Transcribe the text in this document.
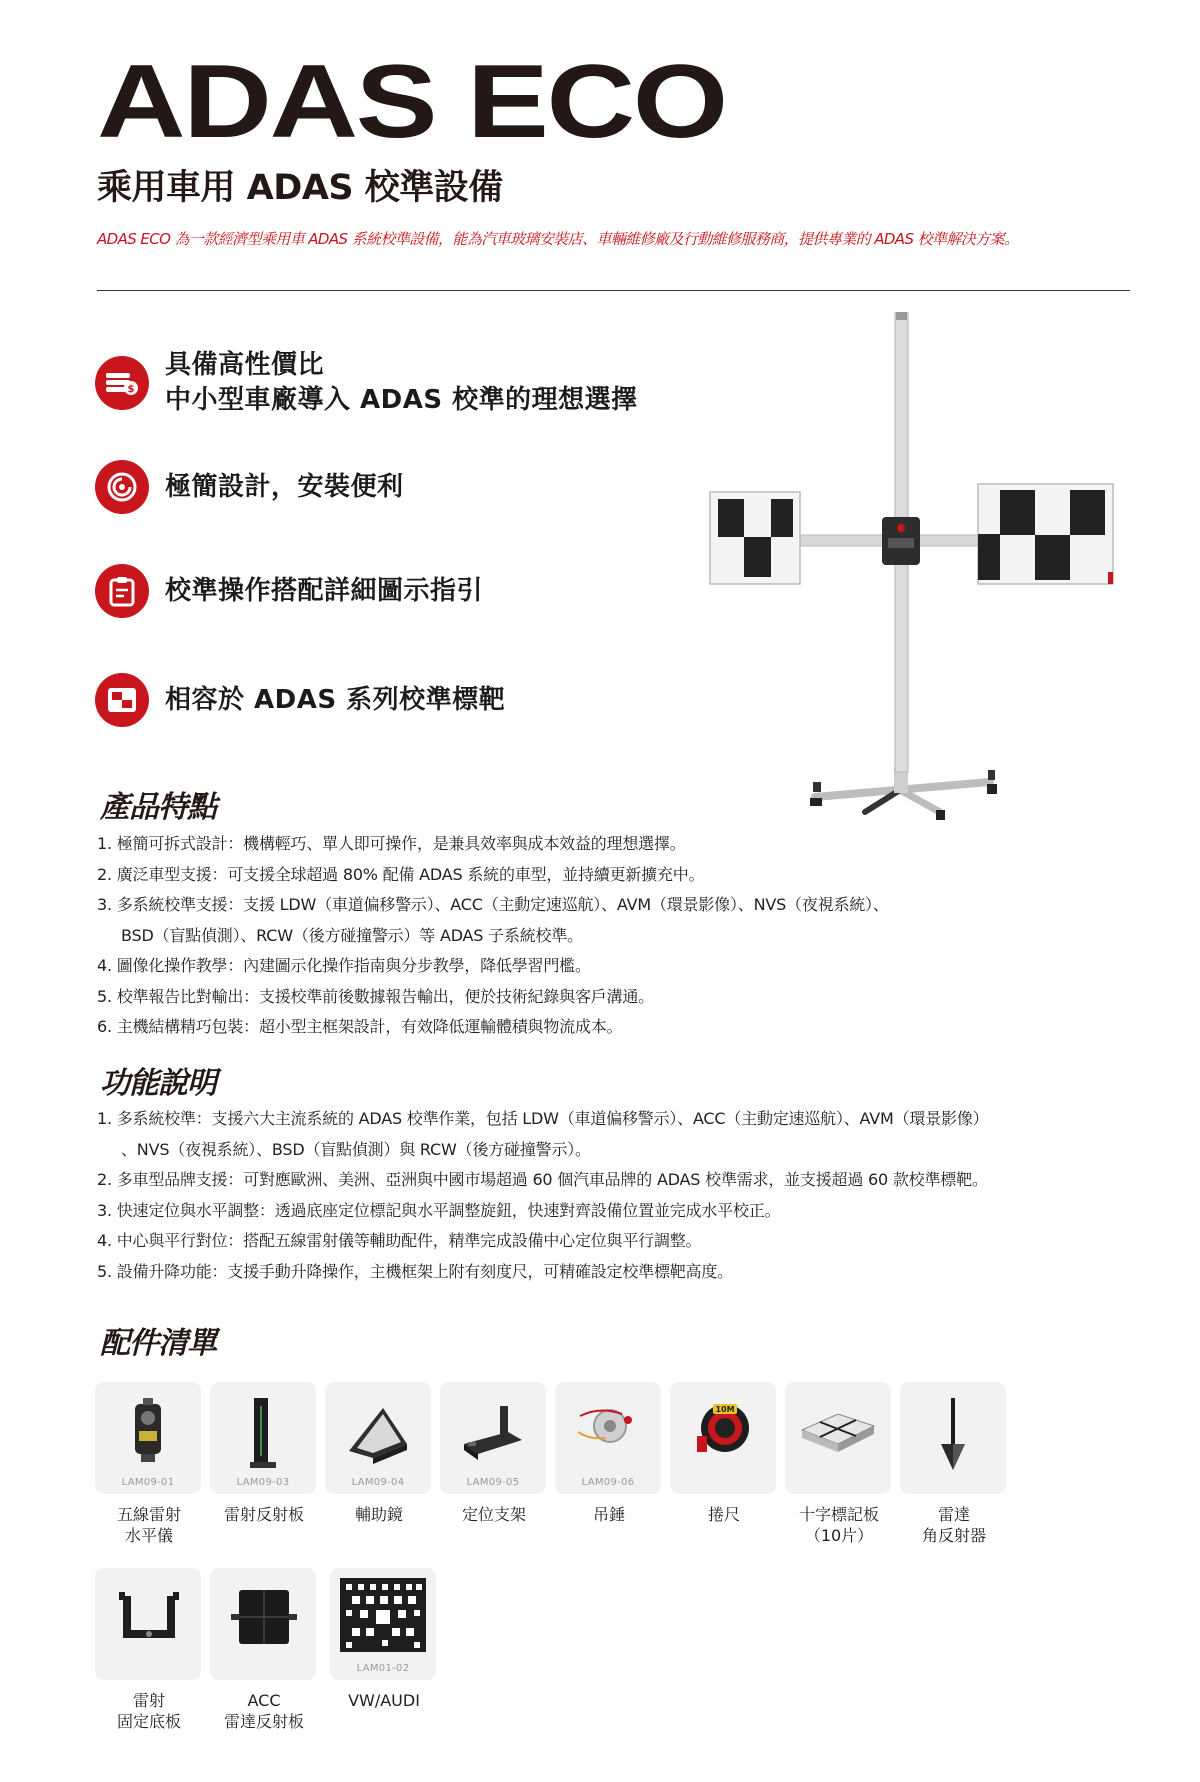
ADAS ECO
乘用車用 ADAS 校準設備
ADAS ECO 為一款經濟型乘用車 ADAS 系統校準設備，能為汽車玻璃安裝店、車輛維修廠及行動維修服務商，提供專業的 ADAS 校準解決方案。
$
具備高性價比
中小型車廠導入 ADAS 校準的理想選擇
極簡設計，安裝便利
校準操作搭配詳細圖示指引
相容於 ADAS 系列校準標靶
產品特點
1. 極簡可拆式設計：機構輕巧、單人即可操作，是兼具效率與成本效益的理想選擇。
2. 廣泛車型支援：可支援全球超過 80% 配備 ADAS 系統的車型，並持續更新擴充中。
3. 多系統校準支援：支援 LDW（車道偏移警示）、ACC（主動定速巡航）、AVM（環景影像）、NVS（夜視系統）、
BSD（盲點偵測）、RCW（後方碰撞警示）等 ADAS 子系統校準。
4. 圖像化操作教學：內建圖示化操作指南與分步教學，降低學習門檻。
5. 校準報告比對輸出：支援校準前後數據報告輸出，便於技術紀錄與客戶溝通。
6. 主機結構精巧包裝：超小型主框架設計，有效降低運輸體積與物流成本。
功能說明
1. 多系統校準：支援六大主流系統的 ADAS 校準作業，包括 LDW（車道偏移警示）、ACC（主動定速巡航）、AVM（環景影像）
、NVS（夜視系統）、BSD（盲點偵測）與 RCW（後方碰撞警示）。
2. 多車型品牌支援：可對應歐洲、美洲、亞洲與中國市場超過 60 個汽車品牌的 ADAS 校準需求，並支援超過 60 款校準標靶。
3. 快速定位與水平調整：透過底座定位標記與水平調整旋鈕，快速對齊設備位置並完成水平校正。
4. 中心與平行對位：搭配五線雷射儀等輔助配件，精準完成設備中心定位與平行調整。
5. 設備升降功能：支援手動升降操作，主機框架上附有刻度尺，可精確設定校準標靶高度。
配件清單
LAM09-01
五線雷射
水平儀
LAM09-03
雷射反射板
LAM09-04
輔助鏡
LAM09-05
定位支架
LAM09-06
吊錘
10M
捲尺	十字標記板
（10片）
雷達
角反射器
雷射
固定底板
ACC
雷達反射板
LAM01-02
VW/AUDI
